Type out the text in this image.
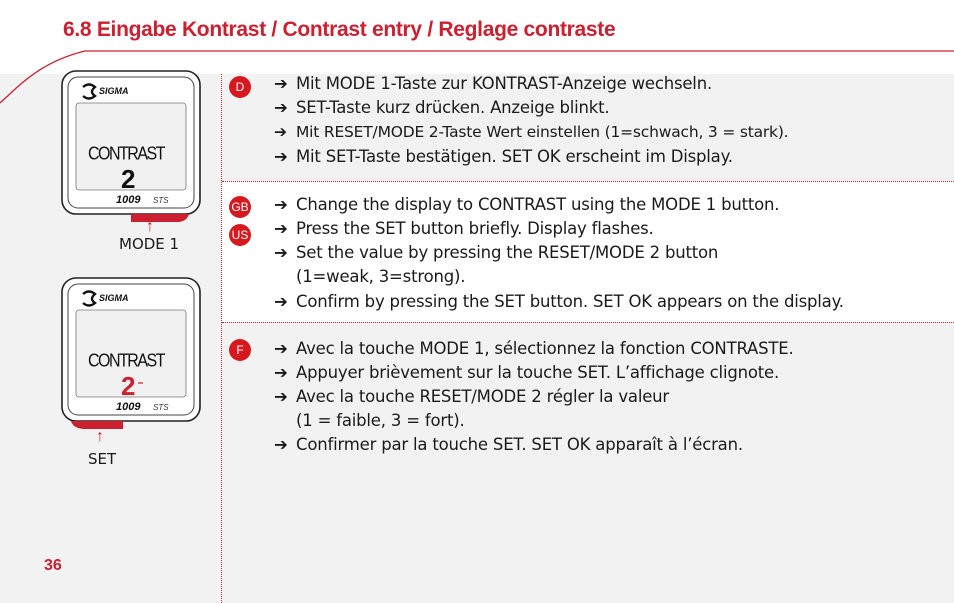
6.8 Eingabe Kontrast / Contrast entry / Reglage contraste
SIGMA
CONTRAST
2
1009 STS
↑
MODE 1
SIGMA
CONTRAST
2
1009 STS
↑
SET
36
D	➔ Mit MODE 1-Taste zur KONTRAST-Anzeige wechseln.
➔ SET-Taste kurz drücken. Anzeige blinkt.
➔ Mit RESET/MODE 2-Taste Wert einstellen (1=schwach, 3 = stark).
➔ Mit SET-Taste bestätigen. SET OK erscheint im Display.
GB
US
➔ Change the display to CONTRAST using the MODE 1 button.
➔ Press the SET button briefly. Display flashes.
➔ Set the value by pressing the RESET/MODE 2 button
(1=weak, 3=strong).
➔ Confirm by pressing the SET button. SET OK appears on the display.
F	➔ Avec la touche MODE 1, sélectionnez la fonction CONTRASTE.
➔ Appuyer brièvement sur la touche SET. L’affichage clignote.
➔ Avec la touche RESET/MODE 2 régler la valeur
(1 = faible, 3 = fort).
➔ Confirmer par la touche SET. SET OK apparaît à l’écran.
